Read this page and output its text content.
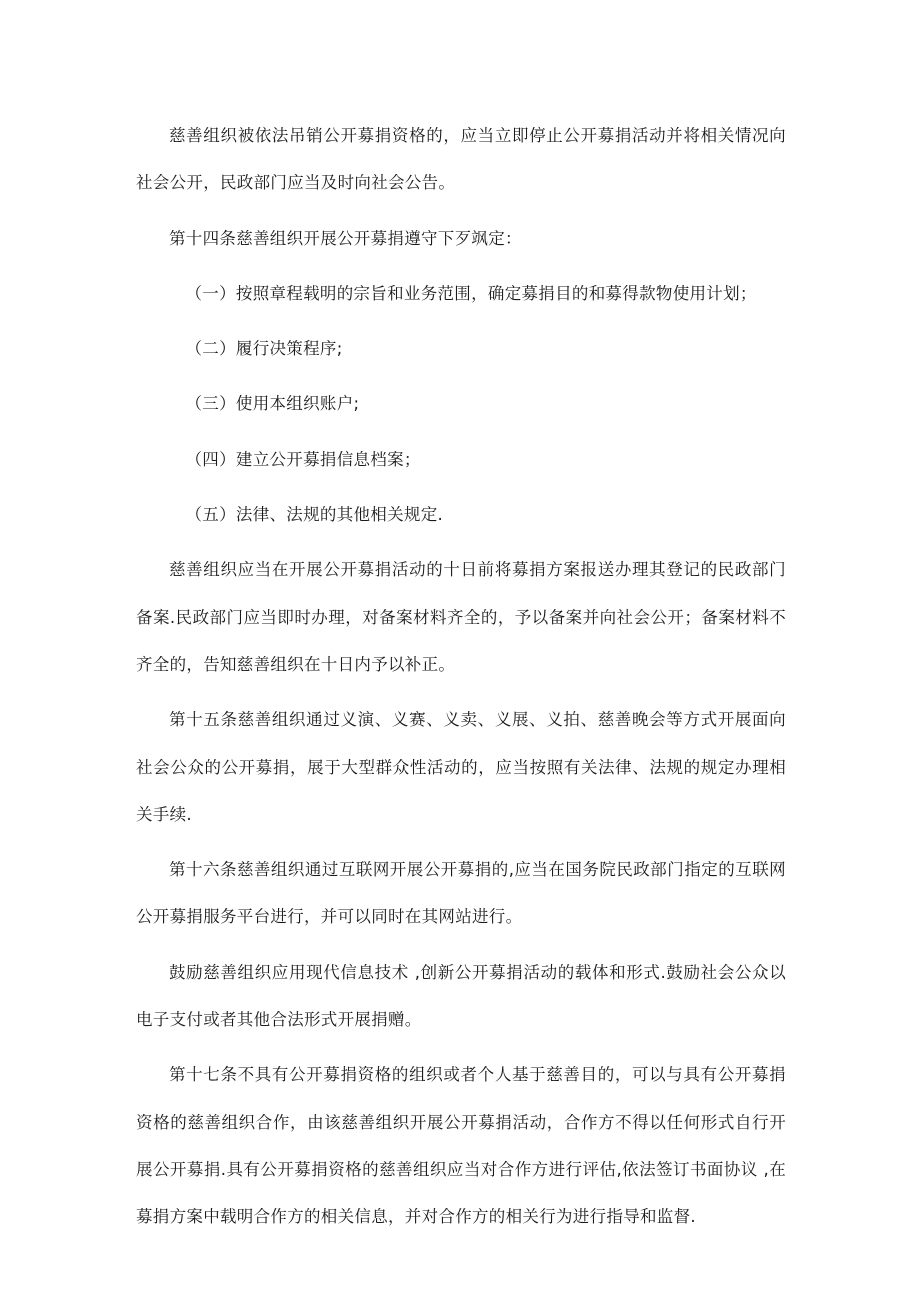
慈善组织被依法吊销公开募捐资格的，应当立即停止公开募捐活动并将相关情况向社会公开，民政部门应当及时向社会公告。

第十四条慈善组织开展公开募捐遵守下歹飒定：

（一）按照章程载明的宗旨和业务范围，确定募捐目的和募得款物使用计划；

（二）履行决策程序;

（三）使用本组织账户;

（四）建立公开募捐信息档案；

（五）法律、法规的其他相关规定.

慈善组织应当在开展公开募捐活动的十日前将募捐方案报送办理其登记的民政部门备案.民政部门应当即时办理，对备案材料齐全的，予以备案并向社会公开；备案材料不齐全的，告知慈善组织在十日内予以补正。

第十五条慈善组织通过义演、义赛、义卖、义展、义拍、慈善晚会等方式开展面向社会公众的公开募捐，展于大型群众性活动的，应当按照有关法律、法规的规定办理相关手续.

第十六条慈善组织通过互联网开展公开募捐的,应当在国务院民政部门指定的互联网公开募捐服务平台进行，并可以同时在其网站进行。

鼓励慈善组织应用现代信息技术 ,创新公开募捐活动的载体和形式.鼓励社会公众以电子支付或者其他合法形式开展捐赠。

第十七条不具有公开募捐资格的组织或者个人基于慈善目的，可以与具有公开募捐资格的慈善组织合作，由该慈善组织开展公开募捐活动，合作方不得以任何形式自行开展公开募捐.具有公开募捐资格的慈善组织应当对合作方进行评估,依法签订书面协议 ,在募捐方案中载明合作方的相关信息，并对合作方的相关行为进行指导和监督.
